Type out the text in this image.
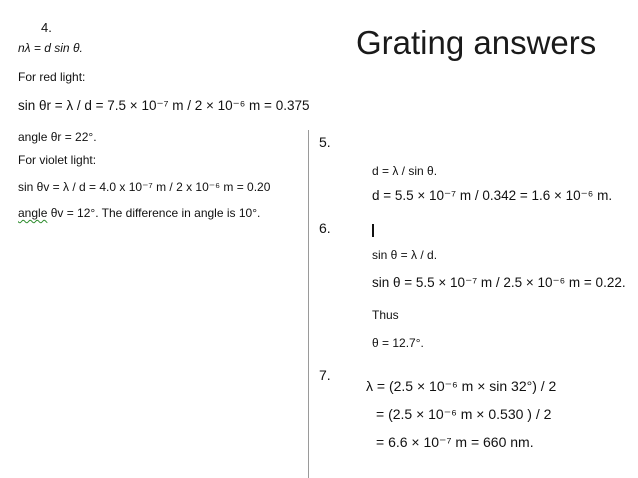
Grating answers
4.
nλ = d sin θ.
For red light:
sin θr = λ / d = 7.5 × 10⁻⁷ m / 2 × 10⁻⁶ m = 0.375
angle θr = 22°.
For violet light:
sin θv = λ / d = 4.0 x 10⁻⁷ m / 2 x 10⁻⁶ m = 0.20
angle θv = 12°. The difference in angle is 10°.
5.
d = λ / sin θ.
d = 5.5 × 10⁻⁷ m / 0.342 = 1.6 × 10⁻⁶ m.
6.
sin θ = λ / d.
sin θ = 5.5 × 10⁻⁷ m / 2.5 × 10⁻⁶ m = 0.22.
Thus
θ = 12.7°.
7.
λ = (2.5 × 10⁻⁶ m × sin 32°) / 2
= (2.5 × 10⁻⁶ m × 0.530 ) / 2
= 6.6 × 10⁻⁷ m = 660 nm.
